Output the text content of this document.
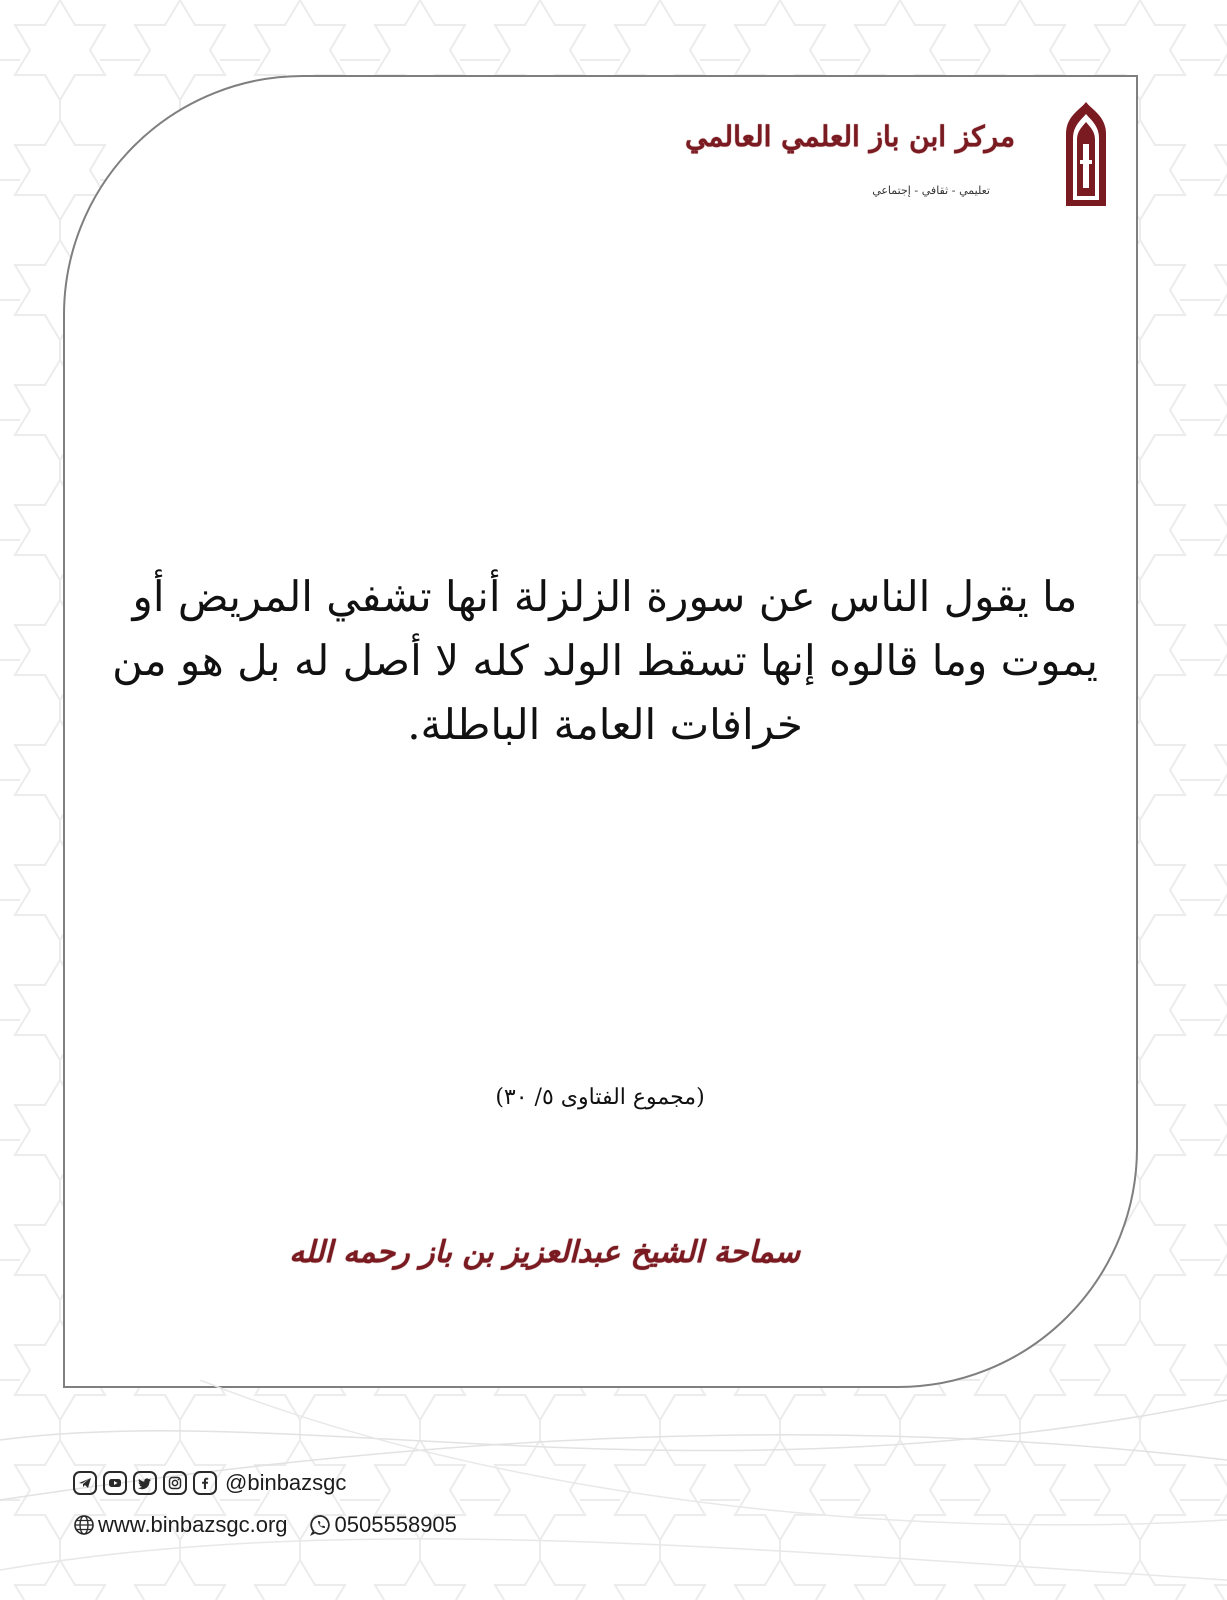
مركز ابن باز العلمي العالمي
تعليمي - ثقافي - إجتماعي
ما يقول الناس عن سورة الزلزلة أنها تشفي المريض أو يموت وما قالوه إنها تسقط الولد كله لا أصل له بل هو من خرافات العامة الباطلة.
(مجموع الفتاوى ٥/ ٣٠)
سماحة الشيخ عبدالعزيز بن باز رحمه الله
@binbazsgc
www.binbazsgc.org 0505558905
